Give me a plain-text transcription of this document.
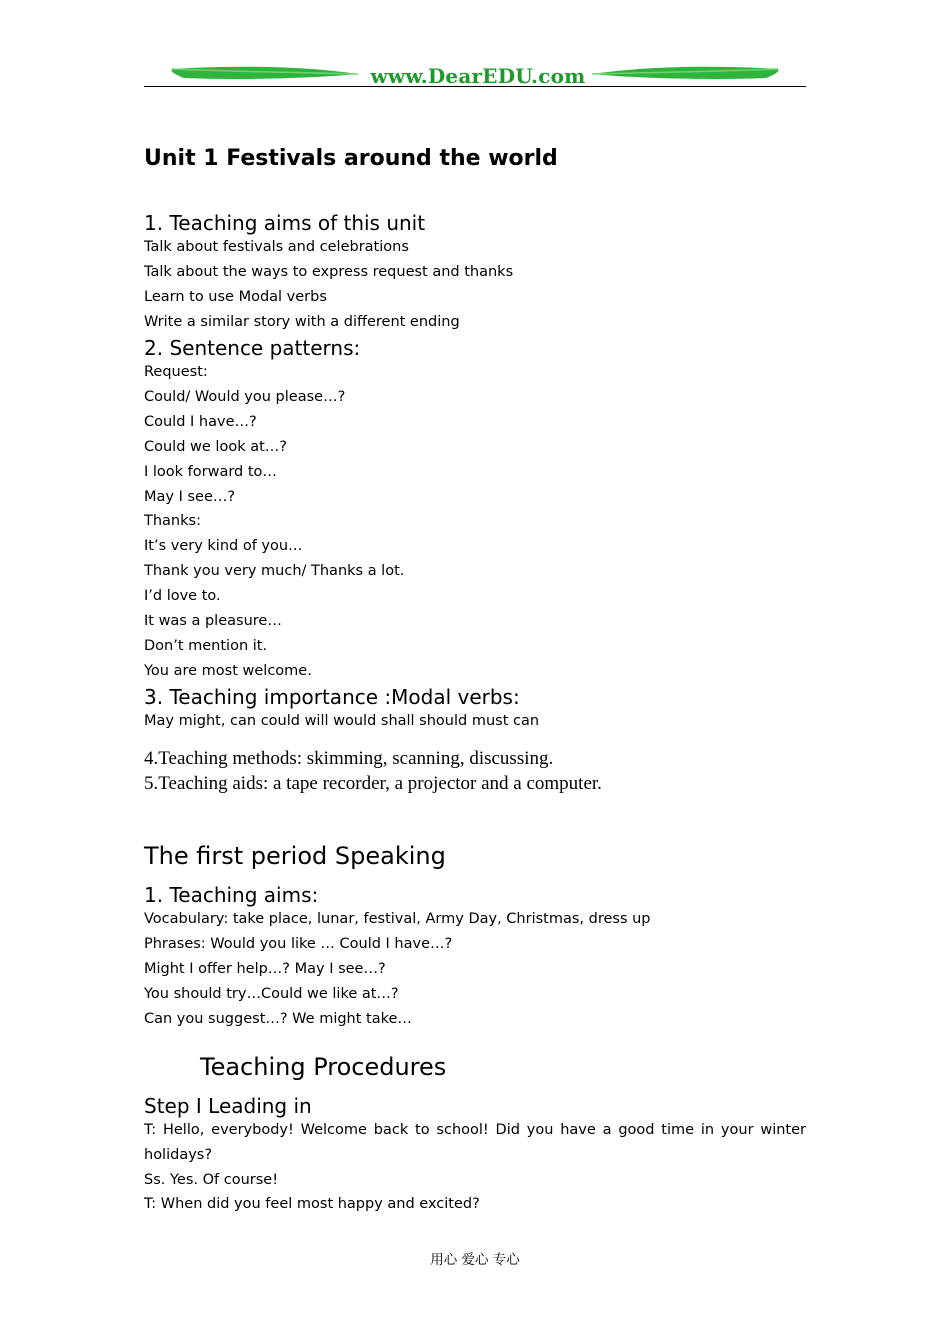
www.DearEDU.com
Unit 1 Festivals around the world
1. Teaching aims of this unit
Talk about festivals and celebrations
Talk about the ways to express request and thanks
Learn to use Modal verbs
Write a similar story with a different ending
2. Sentence patterns:
Request:
Could/ Would you please…?
Could I have…?
Could we look at…?
I look forward to…
May I see…?
Thanks:
It’s very kind of you…
Thank you very much/ Thanks a lot.
I’d love to.
It was a pleasure…
Don’t mention it.
You are most welcome.
3. Teaching importance :Modal verbs:
May might, can could will would shall should must can
4.Teaching methods: skimming, scanning, discussing.
5.Teaching aids: a tape recorder, a projector and a computer.
The first period Speaking
1. Teaching aims:
Vocabulary: take place, lunar, festival, Army Day, Christmas, dress up
Phrases: Would you like … Could I have…?
Might I offer help…? May I see…?
You should try…Could we like at…?
Can you suggest…? We might take…
Teaching Procedures
Step I Leading in
T: Hello, everybody! Welcome back to school! Did you have a good time in your winter
holidays?
Ss. Yes. Of course!
T: When did you feel most happy and excited?
用心 爱心 专心
